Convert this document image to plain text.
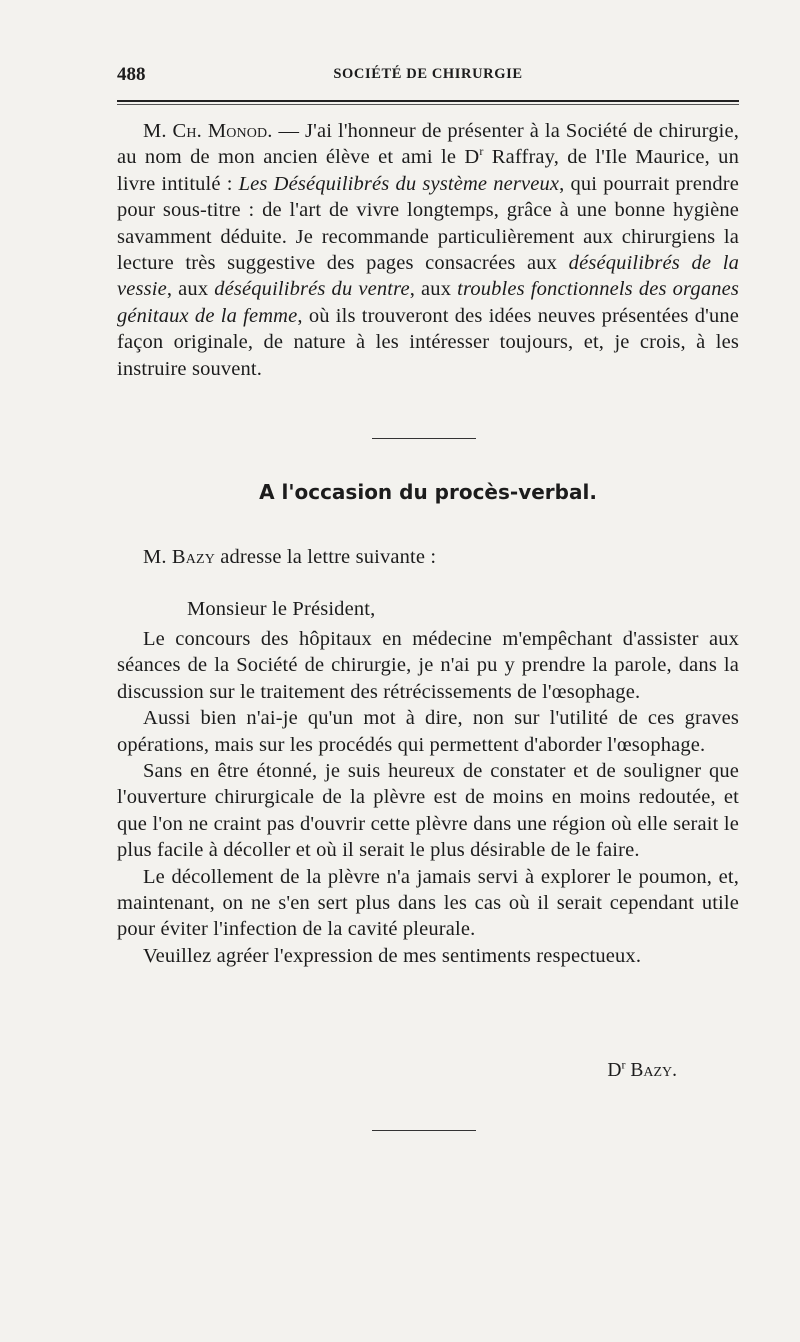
488	SOCIÉTÉ DE CHIRURGIE

M. Ch. Monod. — J'ai l'honneur de présenter à la Société de chirurgie, au nom de mon ancien élève et ami le $D^r$ Raffray, de l'Ile Maurice, un livre intitulé : Les Déséquilibrés du système nerveux, qui pourrait prendre pour sous-titre : de l'art de vivre longtemps, grâce à une bonne hygiène savamment déduite. Je recommande particulièrement aux chirurgiens la lecture très suggestive des pages consacrées aux déséquilibrés de la vessie, aux déséquilibrés du ventre, aux troubles fonctionnels des organes génitaux de la femme, où ils trouveront des idées neuves présentées d'une façon originale, de nature à les intéresser toujours, et, je crois, à les instruire souvent.

A l'occasion du procès-verbal.

M. Bazy adresse la lettre suivante :

Monsieur le Président,

Le concours des hôpitaux en médecine m'empêchant d'assister aux séances de la Société de chirurgie, je n'ai pu y prendre la parole, dans la discussion sur le traitement des rétrécissements de l'œsophage.

Aussi bien n'ai-je qu'un mot à dire, non sur l'utilité de ces graves opérations, mais sur les procédés qui permettent d'aborder l'œsophage.

Sans en être étonné, je suis heureux de constater et de souligner que l'ouverture chirurgicale de la plèvre est de moins en moins redoutée, et que l'on ne craint pas d'ouvrir cette plèvre dans une région où elle serait le plus facile à décoller et où il serait le plus désirable de le faire.

Le décollement de la plèvre n'a jamais servi à explorer le poumon, et, maintenant, on ne s'en sert plus dans les cas où il serait cependant utile pour éviter l'infection de la cavité pleurale.

Veuillez agréer l'expression de mes sentiments respectueux.

$D^r$ Bazy.
